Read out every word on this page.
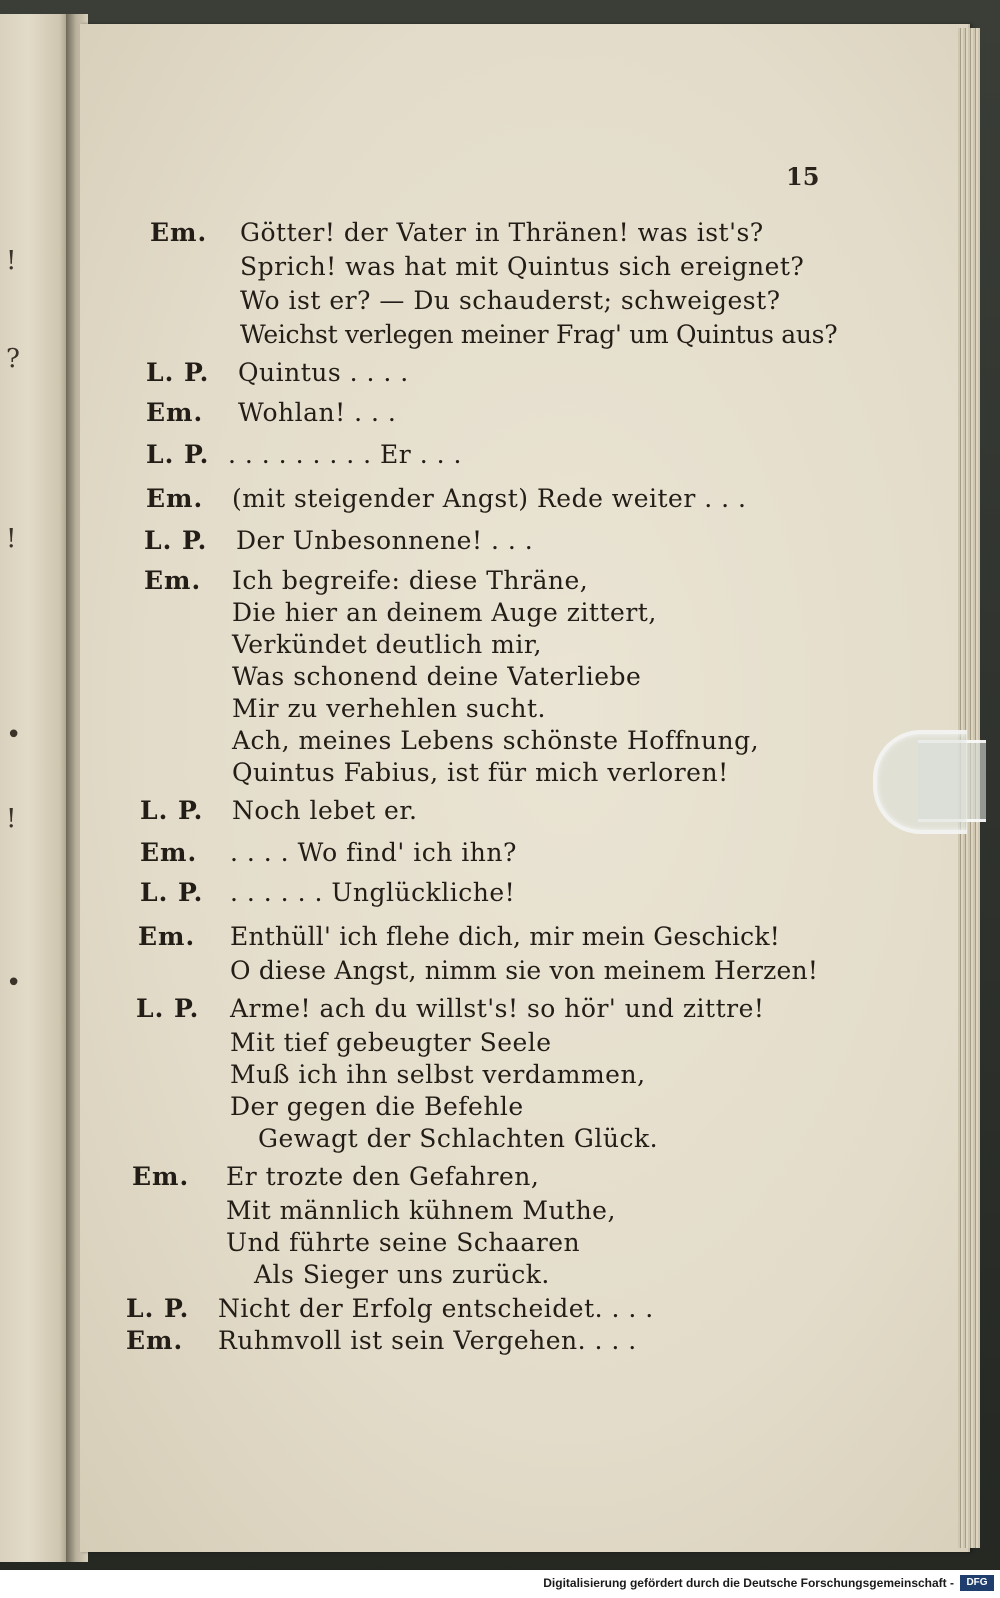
!
?
!
•
!
•
15
Em. Götter! der Vater in Thränen! was ist's?
Sprich! was hat mit Quintus sich ereignet?
Wo ist er? — Du schauderst; schweigest?
Weichst verlegen meiner Frag' um Quintus aus?
L. P. Quintus . . . .
Em. Wohlan! . . .
L. P. . . . . . . . . . Er . . .
Em. (mit steigender Angst) Rede weiter . . .
L. P. Der Unbesonnene! . . .
Em. Ich begreife: diese Thräne,
Die hier an deinem Auge zittert,
Verkündet deutlich mir,
Was schonend deine Vaterliebe
Mir zu verhehlen sucht.
Ach, meines Lebens schönste Hoffnung,
Quintus Fabius, ist für mich verloren!
L. P. Noch lebet er.
Em. . . . . Wo find' ich ihn?
L. P. . . . . . . Unglückliche!
Em. Enthüll' ich flehe dich, mir mein Geschick!
O diese Angst, nimm sie von meinem Herzen!
L. P. Arme! ach du willst's! so hör' und zittre!
Mit tief gebeugter Seele
Muß ich ihn selbst verdammen,
Der gegen die Befehle
Gewagt der Schlachten Glück.
Em. Er trozte den Gefahren,
Mit männlich kühnem Muthe,
Und führte seine Schaaren
Als Sieger uns zurück.
L. P. Nicht der Erfolg entscheidet. . . .
Em. Ruhmvoll ist sein Vergehen. . . .
Digitalisierung gefördert durch die Deutsche Forschungsgemeinschaft -	DFG
